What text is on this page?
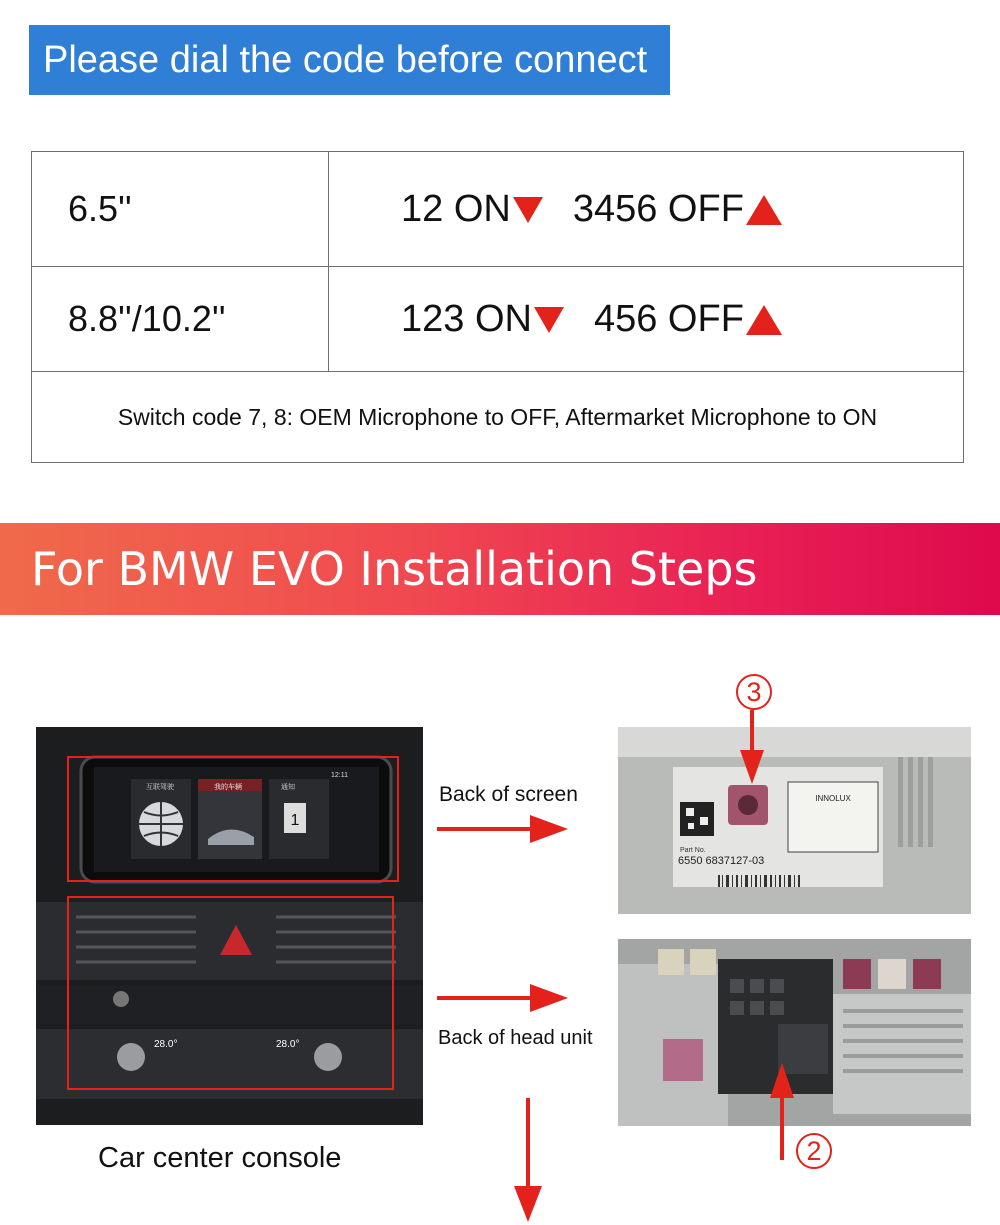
Please dial the code before connect
6.5''	12 ON 3456 OFF
8.8''/10.2''	123 ON 456 OFF
Switch code 7, 8: OEM Microphone to OFF, Aftermarket Microphone to ON	
For BMW EVO Installation Steps
1
互联驾驶	我的车辆	通知
12:11
28.0°	28.0°
INNOLUX
Part No.
6550 6837127-03
Back of screen
Back of head unit
Car center console
3
2
